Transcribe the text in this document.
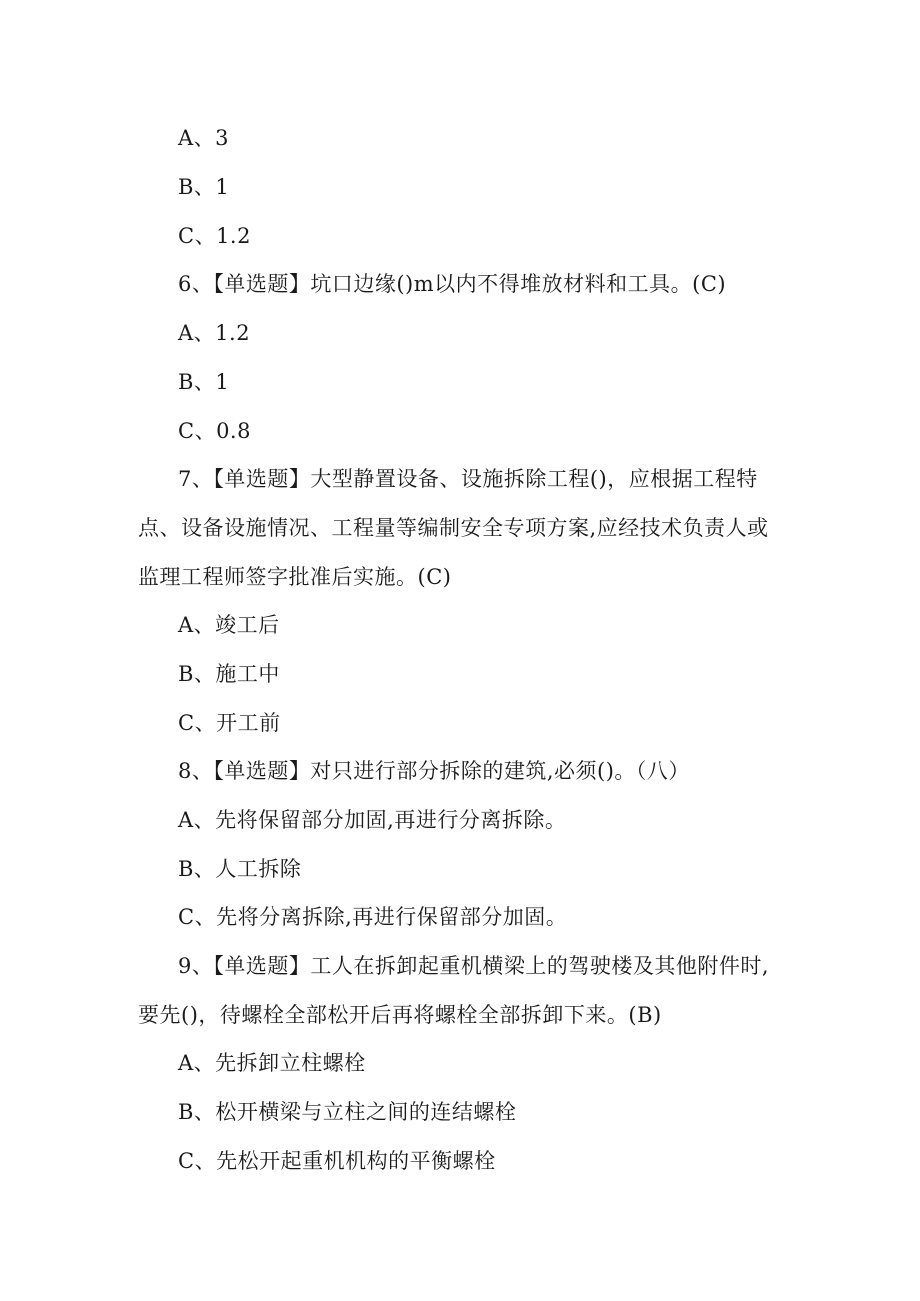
A、3
B、1
C、1.2
6、【单选题】坑口边缘()m以内不得堆放材料和工具。(C)
A、1.2
B、1
C、0.8
7、【单选题】大型静置设备、设施拆除工程()，应根据工程特
点、设备设施情况、工程量等编制安全专项方案,应经技术负责人或
监理工程师签字批准后实施。(C)
A、竣工后
B、施工中
C、开工前
8、【单选题】对只进行部分拆除的建筑,必须()。（八）
A、先将保留部分加固,再进行分离拆除。
B、人工拆除
C、先将分离拆除,再进行保留部分加固。
9、【单选题】工人在拆卸起重机横梁上的驾驶楼及其他附件时,
要先()，待螺栓全部松开后再将螺栓全部拆卸下来。(B)
A、先拆卸立柱螺栓
B、松开横梁与立柱之间的连结螺栓
C、先松开起重机机构的平衡螺栓
